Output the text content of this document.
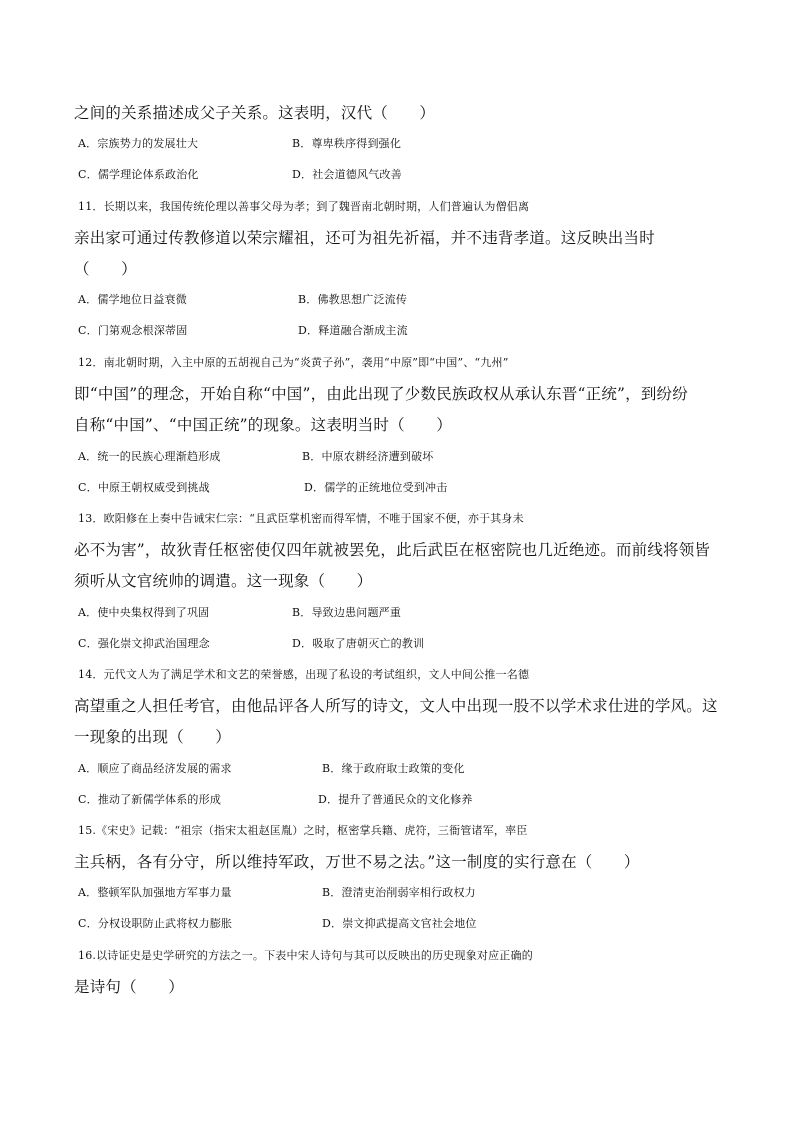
之间的关系描述成父子关系。这表明，汉代（　　）
A．宗族势力的发展壮大	B．尊卑秩序得到强化
C．儒学理论体系政治化	D．社会道德风气改善
11．长期以来，我国传统伦理以善事父母为孝；到了魏晋南北朝时期，人们普遍认为僧侣离
亲出家可通过传教修道以荣宗耀祖，还可为祖先祈福，并不违背孝道。这反映出当时
（　　）
A．儒学地位日益衰微	B．佛教思想广泛流传
C．门第观念根深蒂固	D．释道融合渐成主流
12．南北朝时期，入主中原的五胡视自己为“炎黄子孙”，袭用“中原”即“中国”、“九州”
即“中国”的理念，开始自称“中国”，由此出现了少数民族政权从承认东晋“正统”，到纷纷
自称“中国”、“中国正统”的现象。这表明当时（　　）
A．统一的民族心理渐趋形成	B．中原农耕经济遭到破坏
C．中原王朝权威受到挑战	D．儒学的正统地位受到冲击
13．欧阳修在上奏中告诫宋仁宗：“且武臣掌机密而得军情，不唯于国家不便，亦于其身未
必不为害”，故狄青任枢密使仅四年就被罢免，此后武臣在枢密院也几近绝迹。而前线将领皆
须听从文官统帅的调遣。这一现象（　　）
A．使中央集权得到了巩固	B．导致边患问题严重
C．强化崇文抑武治国理念	D．吸取了唐朝灭亡的教训
14．元代文人为了满足学术和文艺的荣誉感，出现了私设的考试组织，文人中间公推一名德
高望重之人担任考官，由他品评各人所写的诗文，文人中出现一股不以学术求仕进的学风。这
一现象的出现（　　）
A．顺应了商品经济发展的需求	B．缘于政府取士政策的变化
C．推动了新儒学体系的形成	D．提升了普通民众的文化修养
15.《宋史》记载：“祖宗（指宋太祖赵匡胤）之时，枢密掌兵籍、虎符，三衙管诸军，率臣
主兵柄，各有分守，所以维持军政，万世不易之法。”这一制度的实行意在（　　）
A．整顿军队加强地方军事力量	B．澄清吏治削弱宰相行政权力
C．分权设职防止武将权力膨胀	D．崇文抑武提高文官社会地位
16.以诗证史是史学研究的方法之一。下表中宋人诗句与其可以反映出的历史现象对应正确的
是诗句（　　）
